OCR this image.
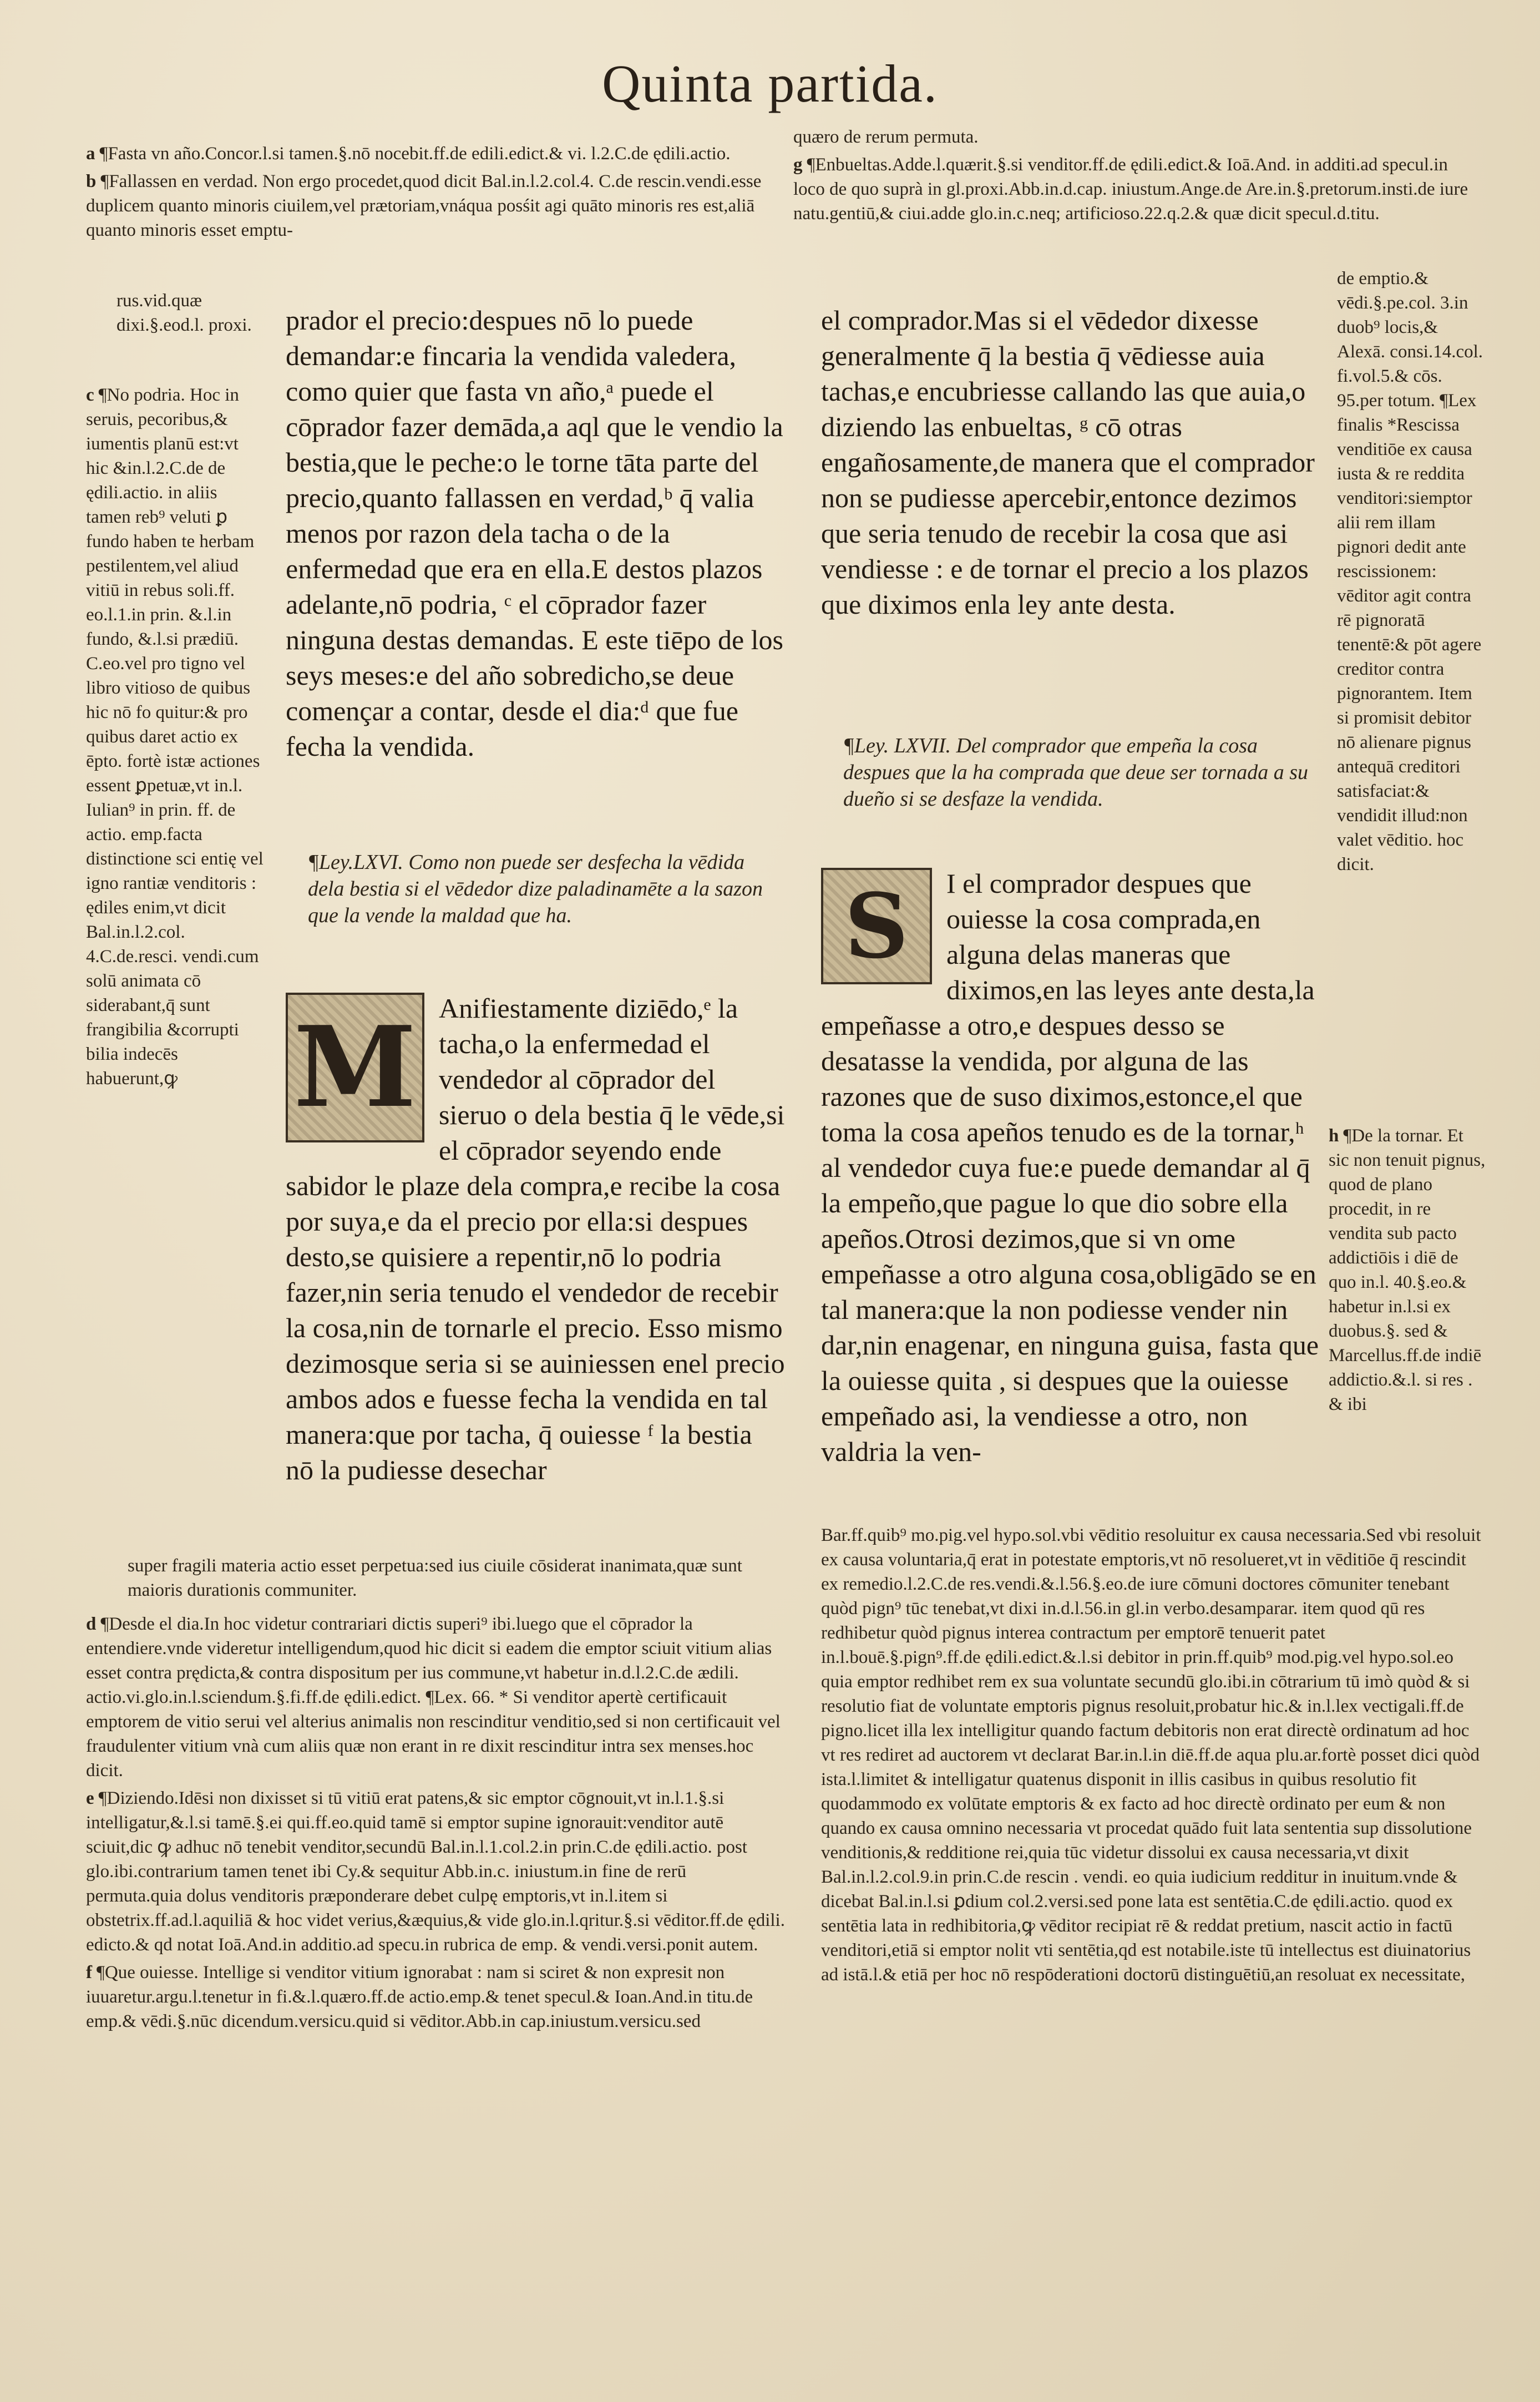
Quinta partida.

a ¶Fasta vn año.Concor.l.si tamen.§.nō nocebit.ff.de edili.edict.& vi. l.2.C.de ędili.actio.

b ¶Fallassen en verdad. Non ergo procedet,quod dicit Bal.in.l.2.col.4. C.de rescin.vendi.esse duplicem quanto minoris ciuilem,vel prætoriam,vnáqua posśit agi quāto minoris res est,aliā quanto minoris esset emptu-

quæro de rerum permuta.

g ¶Enbueltas.Adde.l.quærit.§.si venditor.ff.de ędili.edict.& Ioā.And. in additi.ad specul.in loco de quo suprà in gl.proxi.Abb.in.d.cap. iniustum.Ange.de Are.in.§.pretorum.insti.de iure natu.gentiū,& ciui.adde glo.in.c.neq; artificioso.22.q.2.& quæ dicit specul.d.titu.

rus.vid.quæ dixi.§.eod.l. proxi.
c ¶No podria. Hoc in seruis, pecoribus,& iumentis planū est:vt hic &in.l.2.C.de de ędili.actio. in aliis tamen reb⁹ veluti ꝑ fundo haben te herbam pestilentem,vel aliud vitiū in rebus soli.ff. eo.l.1.in prin. &.l.in fundo, &.l.si prædiū. C.eo.vel pro tigno vel libro vitioso de quibus hic nō fo quitur:& pro quibus daret actio ex ēpto. fortè istæ actiones essent ꝑpetuæ,vt in.l. Iulian⁹ in prin. ff. de actio. emp.facta distinctione sci entię vel igno rantiæ venditoris : ędiles enim,vt dicit Bal.in.l.2.col. 4.C.de.resci. vendi.cum solū animata cō siderabant,q̄ sunt frangibilia &corrupti bilia indecēs habuerunt,ꝙ

prador el precio:despues nō lo puede demandar:e fincaria la vendida valedera, como quier que fasta vn año,ᵃ puede el cōprador fazer demāda,a aql que le vendio la bestia,que le peche:o le torne tāta parte del precio,quanto fallassen en verdad,ᵇ q̄ valia menos por razon dela tacha o de la enfermedad que era en ella.E destos plazos adelante,nō podria, ᶜ el cōprador fazer ninguna destas demandas. E este tiēpo de los seys meses:e del año sobredicho,se deue començar a contar, desde el dia:ᵈ que fue fecha la vendida.

¶Ley.LXVI. Como non puede ser desfecha la vēdida dela bestia si el vēdedor dize paladinamēte a la sazon que la vende la maldad que ha.
M Anifiestamente diziēdo,ᵉ la tacha,o la enfermedad el vendedor al cōprador del sieruo o dela bestia q̄ le vēde,si el cōprador seyendo ende sabidor le plaze dela compra,e recibe la cosa por suya,e da el precio por ella:si despues desto,se quisiere a repentir,nō lo podria fazer,nin seria tenudo el vendedor de recebir la cosa,nin de tornarle el precio. Esso mismo dezimosque seria si se auiniessen enel precio ambos ados e fuesse fecha la vendida en tal manera:que por tacha, q̄ ouiesse ᶠ la bestia nō la pudiesse desechar

el comprador.Mas si el vēdedor dixesse generalmente q̄ la bestia q̄ vēdiesse auia tachas,e encubriesse callando las que auia,o diziendo las enbueltas, ᵍ cō otras engañosamente,de manera que el comprador non se pudiesse apercebir,entonce dezimos que seria tenudo de recebir la cosa que asi vendiesse : e de tornar el precio a los plazos que diximos enla ley ante desta.

de emptio.& vēdi.§.pe.col. 3.in duob⁹ locis,& Alexā. consi.14.col. fi.vol.5.& cōs. 95.per totum. ¶Lex finalis *Rescissa venditiōe ex causa iusta & re reddita venditori:siemptor alii rem illam pignori dedit ante rescissionem: vēditor agit contra rē pignoratā tenentē:& pōt agere creditor contra pignorantem. Item si promisit debitor nō alienare pignus antequā creditori satisfaciat:& vendidit illud:non valet vēditio. hoc dicit.
¶Ley. LXVII. Del comprador que empeña la cosa despues que la ha comprada que deue ser tornada a su dueño si se desfaze la vendida.
S	I el comprador despues que ouiesse la cosa comprada,en alguna delas maneras que diximos,en las leyes ante desta,la empeñasse a otro,e despues desso se desatasse la vendida, por alguna de las razones que de suso diximos,estonce,el que toma la cosa apeños tenudo es de la tornar,ʰ al vendedor cuya fue:e puede demandar al q̄ la empeño,que pague lo que dio sobre ella apeños.Otrosi dezimos,que si vn ome empeñasse a otro alguna cosa,obligādo se en tal manera:que la non podiesse vender nin dar,nin enagenar, en ninguna guisa, fasta que la ouiesse quita , si despues que la ouiesse empeñado asi, la vendiesse a otro, non valdria la ven-

h ¶De la tornar. Et sic non tenuit pignus, quod de plano procedit, in re vendita sub pacto addictiōis i diē de quo in.l. 40.§.eo.& habetur in.l.si ex duobus.§. sed & Marcellus.ff.de indiē addictio.&.l. si res . & ibi
super fragili materia actio esset perpetua:sed ius ciuile cōsiderat inanimata,quæ sunt maioris durationis communiter.

d ¶Desde el dia.In hoc videtur contrariari dictis superi⁹ ibi.luego que el cōprador la entendiere.vnde videretur intelligendum,quod hic dicit si eadem die emptor sciuit vitium alias esset contra prędicta,& contra dispositum per ius commune,vt habetur in.d.l.2.C.de ædili. actio.vi.glo.in.l.sciendum.§.fi.ff.de ędili.edict. ¶Lex. 66. * Si venditor apertè certificauit emptorem de vitio serui vel alterius animalis non rescinditur venditio,sed si non certificauit vel fraudulenter vitium vnà cum aliis quæ non erant in re dixit rescinditur intra sex menses.hoc dicit.

e ¶Diziendo.Idēsi non dixisset si tū vitiū erat patens,& sic emptor cōgnouit,vt in.l.1.§.si intelligatur,&.l.si tamē.§.ei qui.ff.eo.quid tamē si emptor supine ignorauit:venditor autē sciuit,dic ꝙ adhuc nō tenebit venditor,secundū Bal.in.l.1.col.2.in prin.C.de ędili.actio. post glo.ibi.contrarium tamen tenet ibi Cy.& sequitur Abb.in.c. iniustum.in fine de rerū permuta.quia dolus venditoris præponderare debet culpę emptoris,vt in.l.item si obstetrix.ff.ad.l.aquiliā & hoc videt verius,&æquius,& vide glo.in.l.qritur.§.si vēditor.ff.de ędili. edicto.& qd notat Ioā.And.in additio.ad specu.in rubrica de emp. & vendi.versi.ponit autem.

f ¶Que ouiesse. Intellige si venditor vitium ignorabat : nam si sciret & non expresit non iuuaretur.argu.l.tenetur in fi.&.l.quæro.ff.de actio.emp.& tenet specul.& Ioan.And.in titu.de emp.& vēdi.§.nūc dicendum.versicu.quid si vēditor.Abb.in cap.iniustum.versicu.sed

Bar.ff.quib⁹ mo.pig.vel hypo.sol.vbi vēditio resoluitur ex causa necessaria.Sed vbi resoluit ex causa voluntaria,q̄ erat in potestate emptoris,vt nō resolueret,vt in vēditiōe q̄ rescindit ex remedio.l.2.C.de res.vendi.&.l.56.§.eo.de iure cōmuni doctores cōmuniter tenebant quòd pign⁹ tūc tenebat,vt dixi in.d.l.56.in gl.in verbo.desamparar. item quod qū res redhibetur quòd pignus interea contractum per emptorē tenuerit patet in.l.bouē.§.pign⁹.ff.de ędili.edict.&.l.si debitor in prin.ff.quib⁹ mod.pig.vel hypo.sol.eo quia emptor redhibet rem ex sua voluntate secundū glo.ibi.in cōtrarium tū imò quòd & si resolutio fiat de voluntate emptoris pignus resoluit,probatur hic.& in.l.lex vectigali.ff.de pigno.licet illa lex intelligitur quando factum debitoris non erat directè ordinatum ad hoc vt res rediret ad auctorem vt declarat Bar.in.l.in diē.ff.de aqua plu.ar.fortè posset dici quòd ista.l.limitet & intelligatur quatenus disponit in illis casibus in quibus resolutio fit quodammodo ex volūtate emptoris & ex facto ad hoc directè ordinato per eum & non quando ex causa omnino necessaria vt procedat quādo fuit lata sententia sup dissolutione venditionis,& redditione rei,quia tūc videtur dissolui ex causa necessaria,vt dixit Bal.in.l.2.col.9.in prin.C.de rescin . vendi. eo quia iudicium redditur in inuitum.vnde & dicebat Bal.in.l.si ꝑdium col.2.versi.sed pone lata est sentētia.C.de ędili.actio. quod ex sentētia lata in redhibitoria,ꝙ vēditor recipiat rē & reddat pretium, nascit actio in factū venditori,etiā si emptor nolit vti sentētia,qd est notabile.iste tū intellectus est diuinatorius ad istā.l.& etiā per hoc nō respōderationi doctorū distinguētiū,an resoluat ex necessitate,
